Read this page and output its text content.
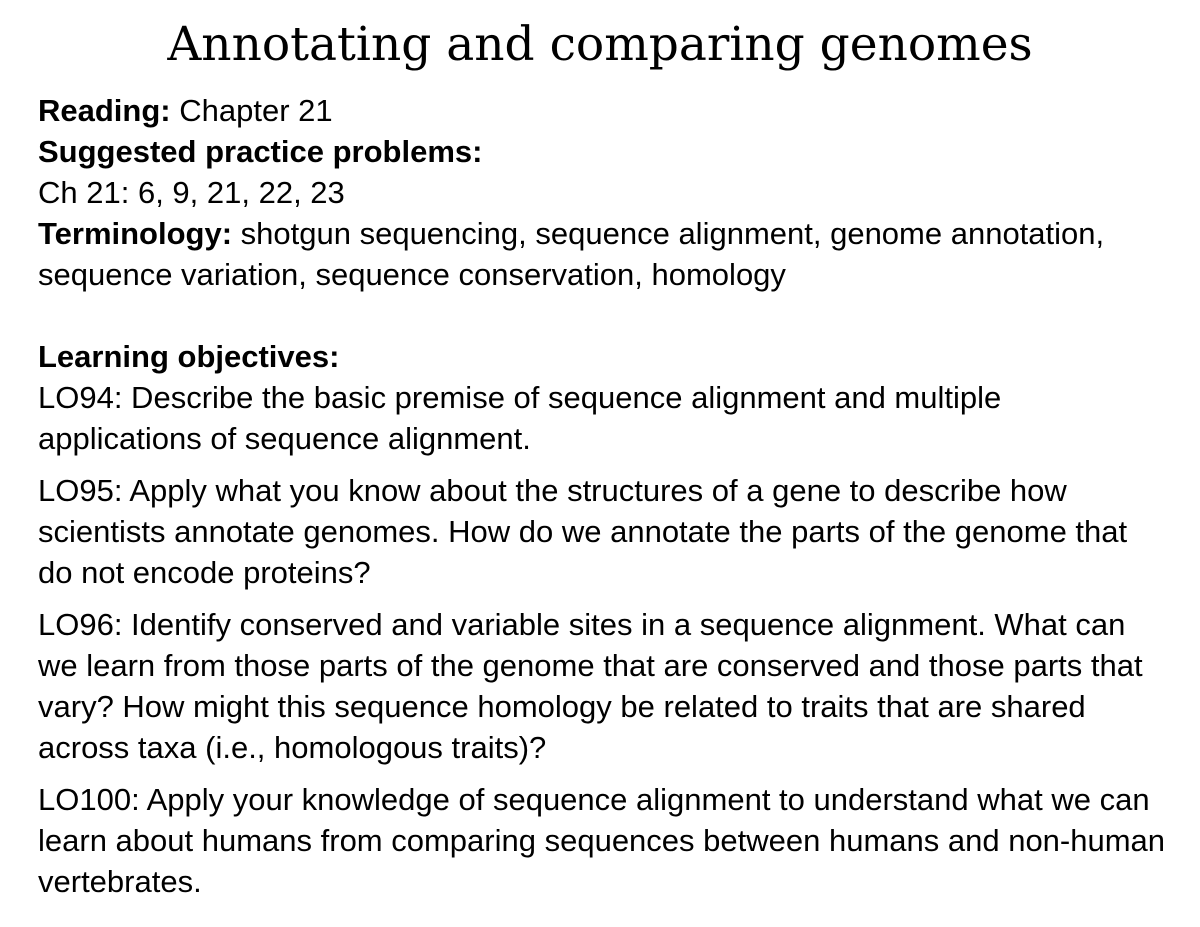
Annotating and comparing genomes

Reading: Chapter 21

Suggested practice problems:

Ch 21: 6, 9, 21, 22, 23

Terminology: shotgun sequencing, sequence alignment, genome annotation, sequence variation, sequence conservation, homology

Learning objectives:

LO94: Describe the basic premise of sequence alignment and multiple applications of sequence alignment.

LO95: Apply what you know about the structures of a gene to describe how scientists annotate genomes. How do we annotate the parts of the genome that do not encode proteins?

LO96: Identify conserved and variable sites in a sequence alignment. What can we learn from those parts of the genome that are conserved and those parts that vary? How might this sequence homology be related to traits that are shared across taxa (i.e., homologous traits)?

LO100: Apply your knowledge of sequence alignment to understand what we can learn about humans from comparing sequences between humans and non-human vertebrates.
